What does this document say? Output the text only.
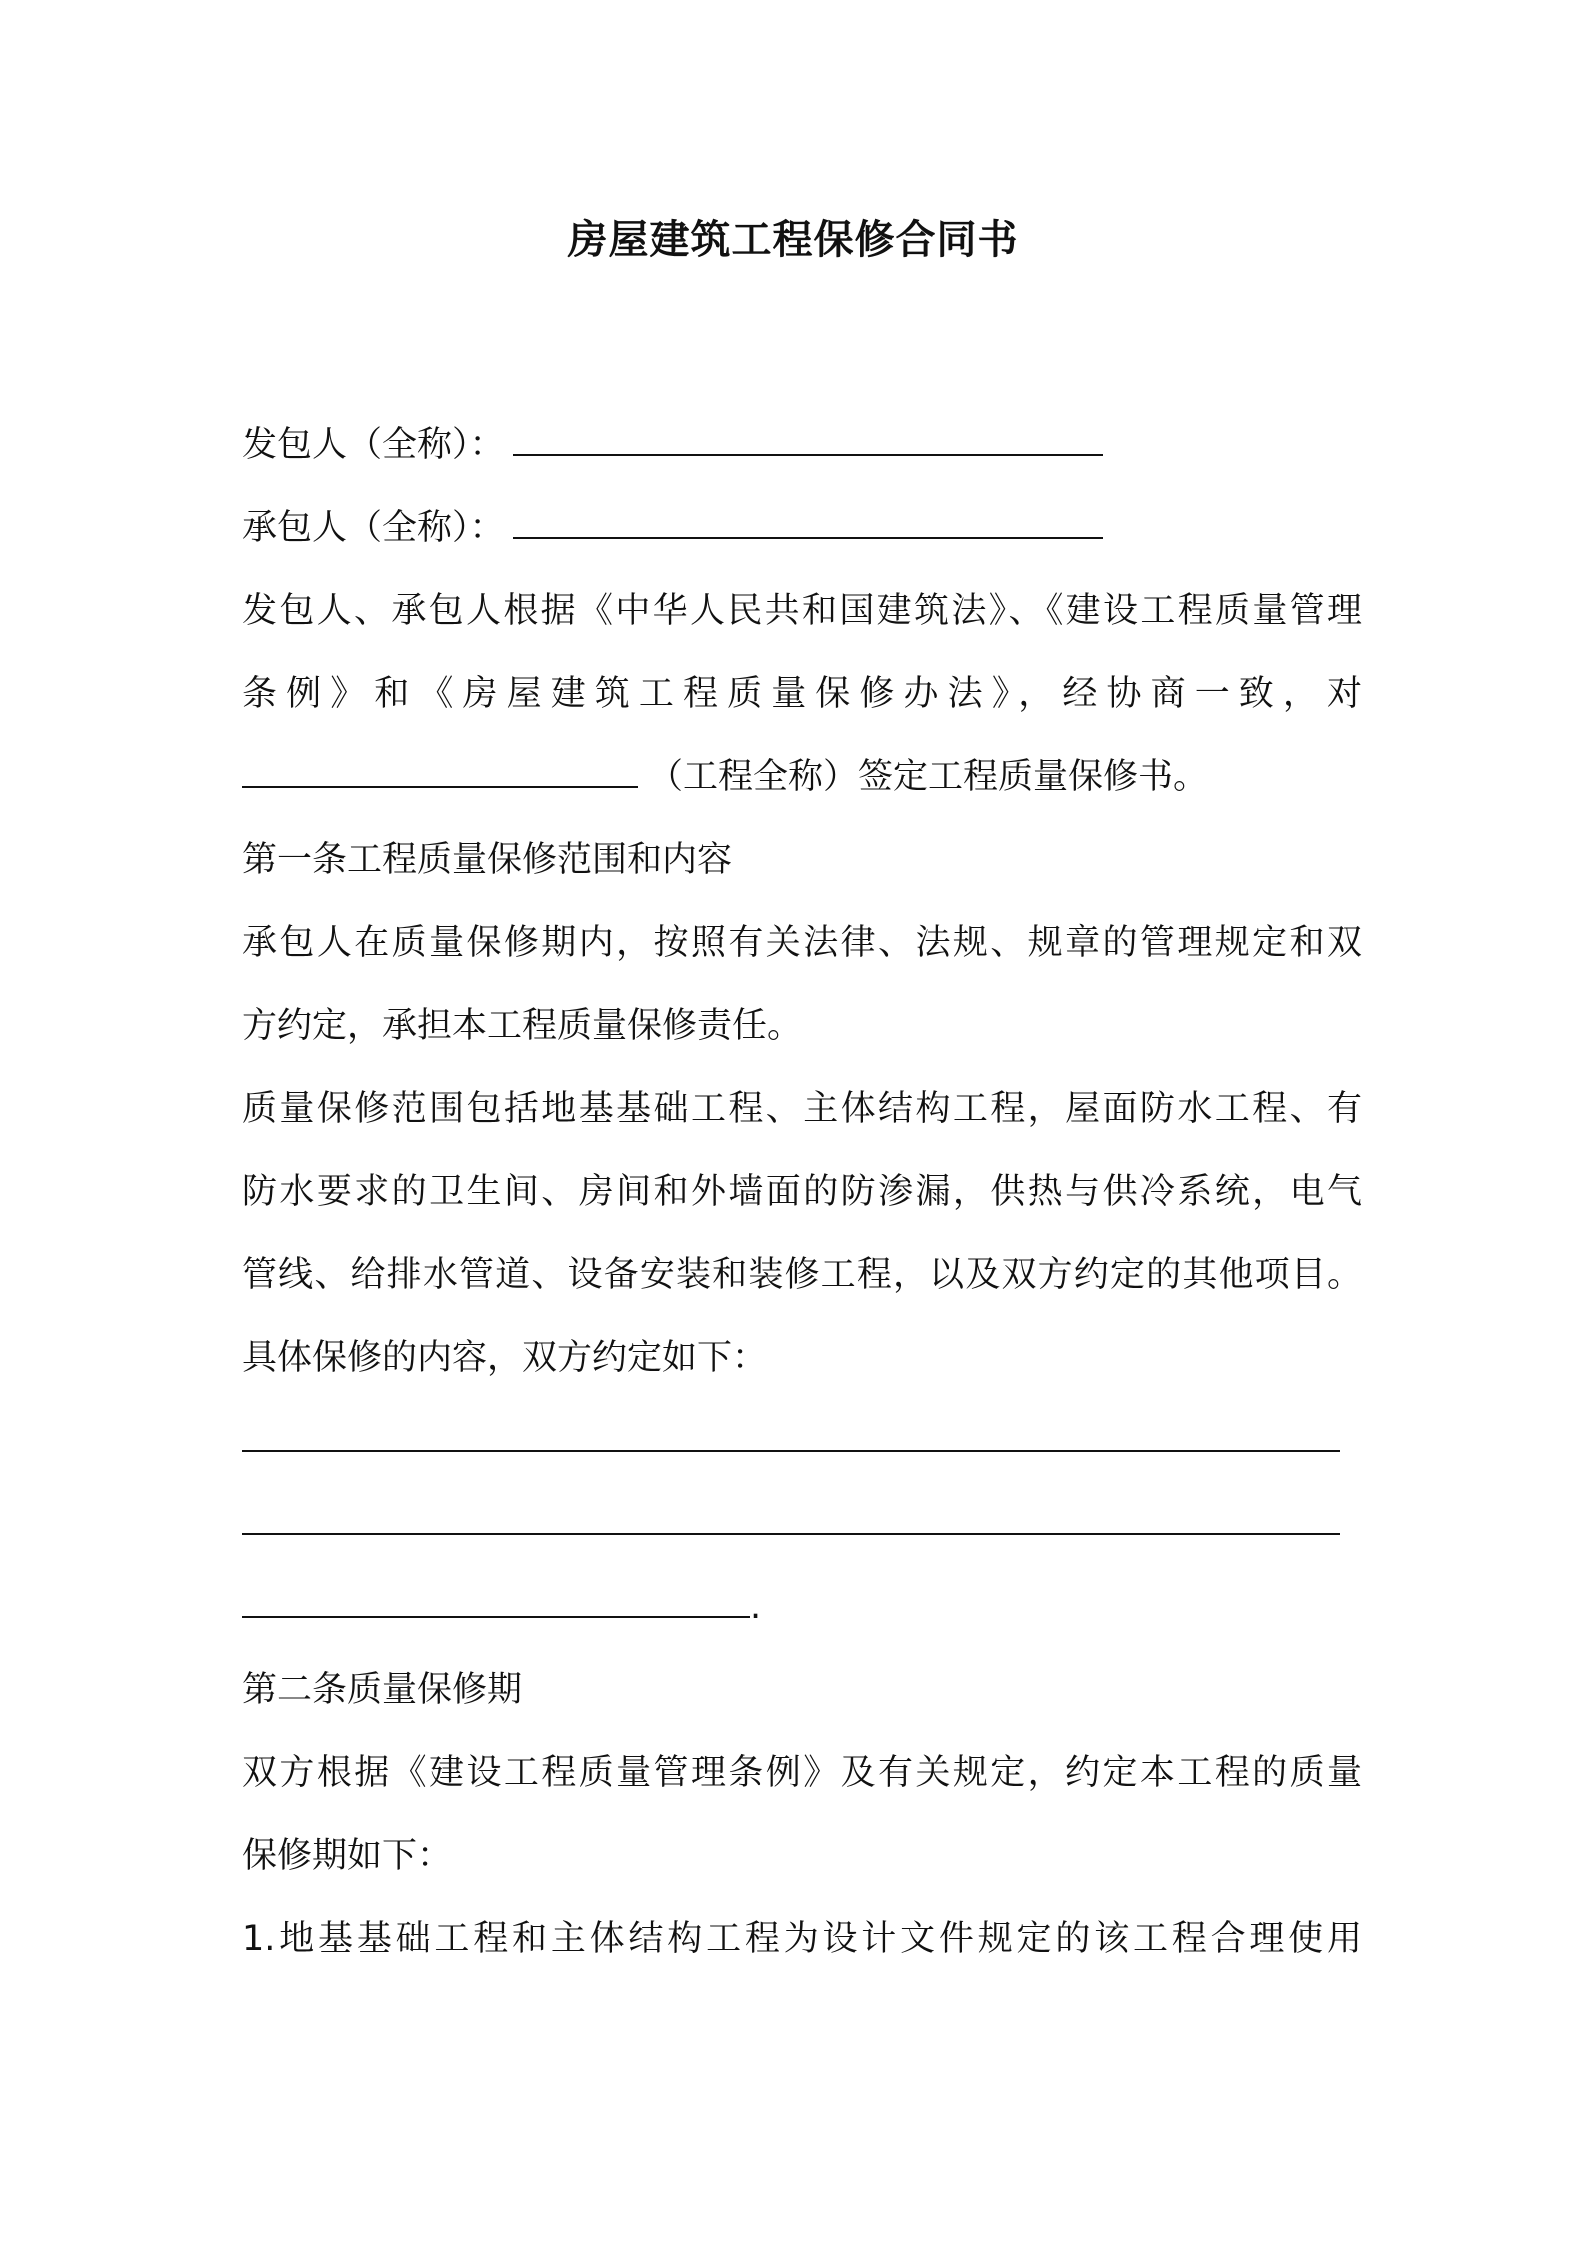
房屋建筑工程保修合同书
发包人（全称）：
承包人（全称）：
发包人、承包人根据《中华人民共和国建筑法》、《建设工程质量管理
条例》和《房屋建筑工程质量保修办法》，经协商一致，对
（工程全称）签定工程质量保修书。
第一条工程质量保修范围和内容
承包人在质量保修期内，按照有关法律、法规、规章的管理规定和双
方约定，承担本工程质量保修责任。
质量保修范围包括地基基础工程、主体结构工程，屋面防水工程、有
防水要求的卫生间、房间和外墙面的防渗漏，供热与供冷系统，电气
管线、给排水管道、设备安装和装修工程，以及双方约定的其他项目。
具体保修的内容，双方约定如下：
.
第二条质量保修期
双方根据《建设工程质量管理条例》及有关规定，约定本工程的质量
保修期如下：
1.地基基础工程和主体结构工程为设计文件规定的该工程合理使用
